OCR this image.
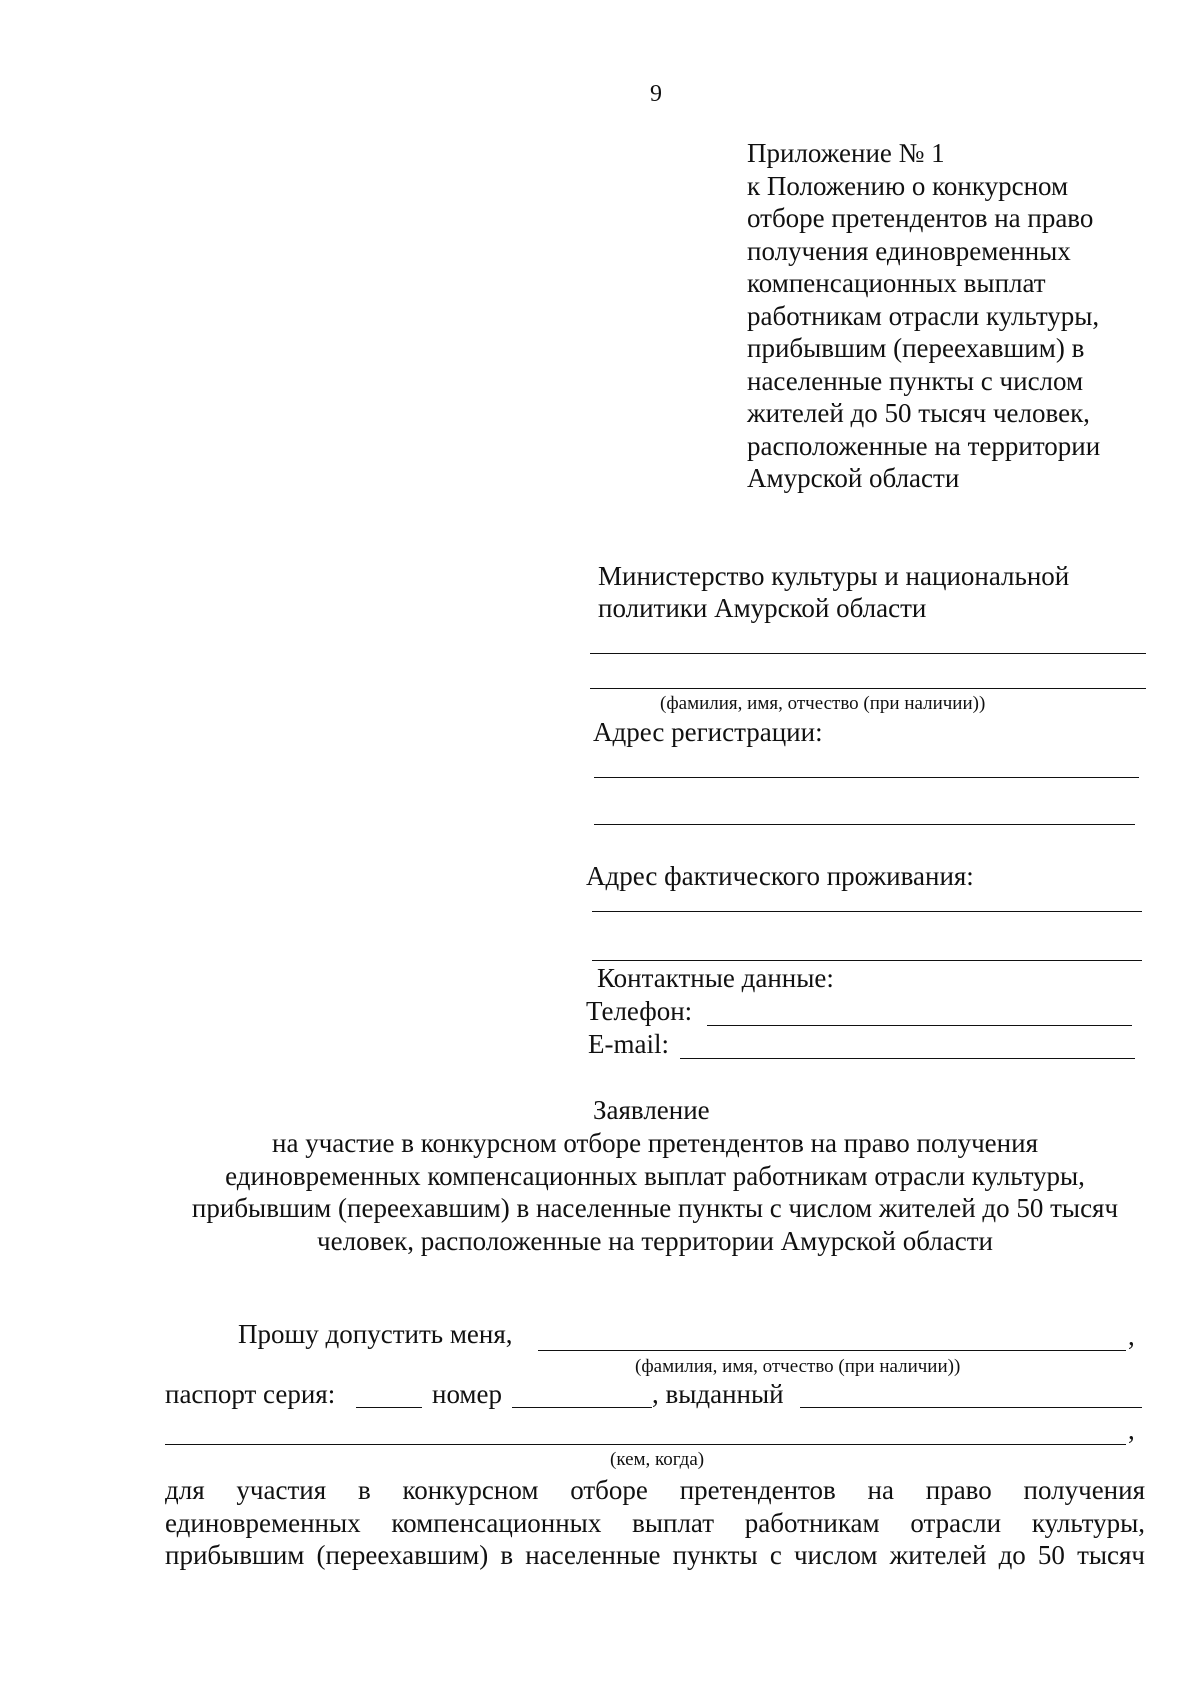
9
Приложение № 1
к Положению о конкурсном
отборе претендентов на право
получения единовременных
компенсационных выплат
работникам отрасли культуры,
прибывшим (переехавшим) в
населенные пункты с числом
жителей до 50 тысяч человек,
расположенные на территории
Амурской области
Министерство культуры и национальной
политики Амурской области
(фамилия, имя, отчество (при наличии))
Адрес регистрации:
Адрес фактического проживания:
Контактные данные:
Телефон:
E-mail:
Заявление
на участие в конкурсном отборе претендентов на право получения
единовременных компенсационных выплат работникам отрасли культуры,
прибывшим (переехавшим) в населенные пункты с числом жителей до 50 тысяч
человек, расположенные на территории Амурской области
Прошу допустить меня,	,
(фамилия, имя, отчество (при наличии))
паспорт серия:	номер	, выданный
,
(кем, когда)
для участия в конкурсном отборе претендентов на право получения
единовременных компенсационных выплат работникам отрасли культуры,
прибывшим (переехавшим) в населенные пункты с числом жителей до 50 тысяч
